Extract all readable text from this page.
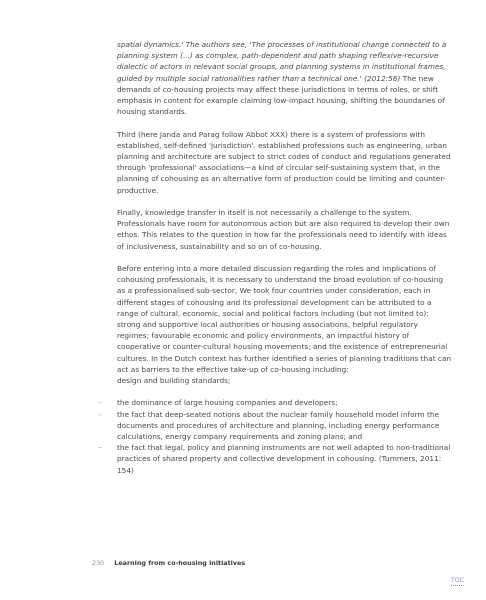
spatial dynamics.' The authors see, 'The processes of institutional change connected to a planning system (...) as complex, path-dependent and path shaping reflexive-recursive dialectic of actors in relevant social groups, and planning systems in institutional frames, guided by multiple social rationalities rather than a technical one.' (2012:56) The new demands of co-housing projects may affect these jurisdictions in terms of roles, or shift emphasis in content for example claiming low-impact housing, shifting the boundaries of housing standards.

Third (here Janda and Parag follow Abbot XXX) there is a system of professions with established, self-defined 'jurisdiction'. established professions such as engineering, urban planning and architecture are subject to strict codes of conduct and regulations generated through 'professional' associations—a kind of circular self-sustaining system that, in the planning of cohousing as an alternative form of production could be limiting and counter-productive.

Finally, knowledge transfer in itself is not necessarily a challenge to the system. Professionals have room for autonomous action but are also required to develop their own ethos. This relates to the question in how far the professionals need to identify with ideas of inclusiveness, sustainability and so on of co-housing.

Before entering into a more detailed discussion regarding the roles and implications of cohousing professionals, it is necessary to understand the broad evolution of co-housing as a professionalised sub-sector, We took four countries under consideration, each in different stages of cohousing and its professional development can be attributed to a range of cultural, economic, social and political factors including (but not limited to): strong and supportive local authorities or housing associations, helpful regulatory regimes; favourable economic and policy environments, an impactful history of cooperative or counter-cultural housing movements; and the existence of entrepreneurial cultures. In the Dutch context has further identified a series of planning traditions that can act as barriers to the effective take-up of co-housing including:

design and building standards;

– the dominance of large housing companies and developers;
– the fact that deep-seated notions about the nuclear family household model inform the documents and procedures of architecture and planning, including energy performance calculations, energy company requirements and zoning plans; and
– the fact that legal, policy and planning instruments are not well adapted to non-traditional practices of shared property and collective development in cohousing. (Tummers, 2011: 154)
230 Learning from co-housing initiatives
TOC
